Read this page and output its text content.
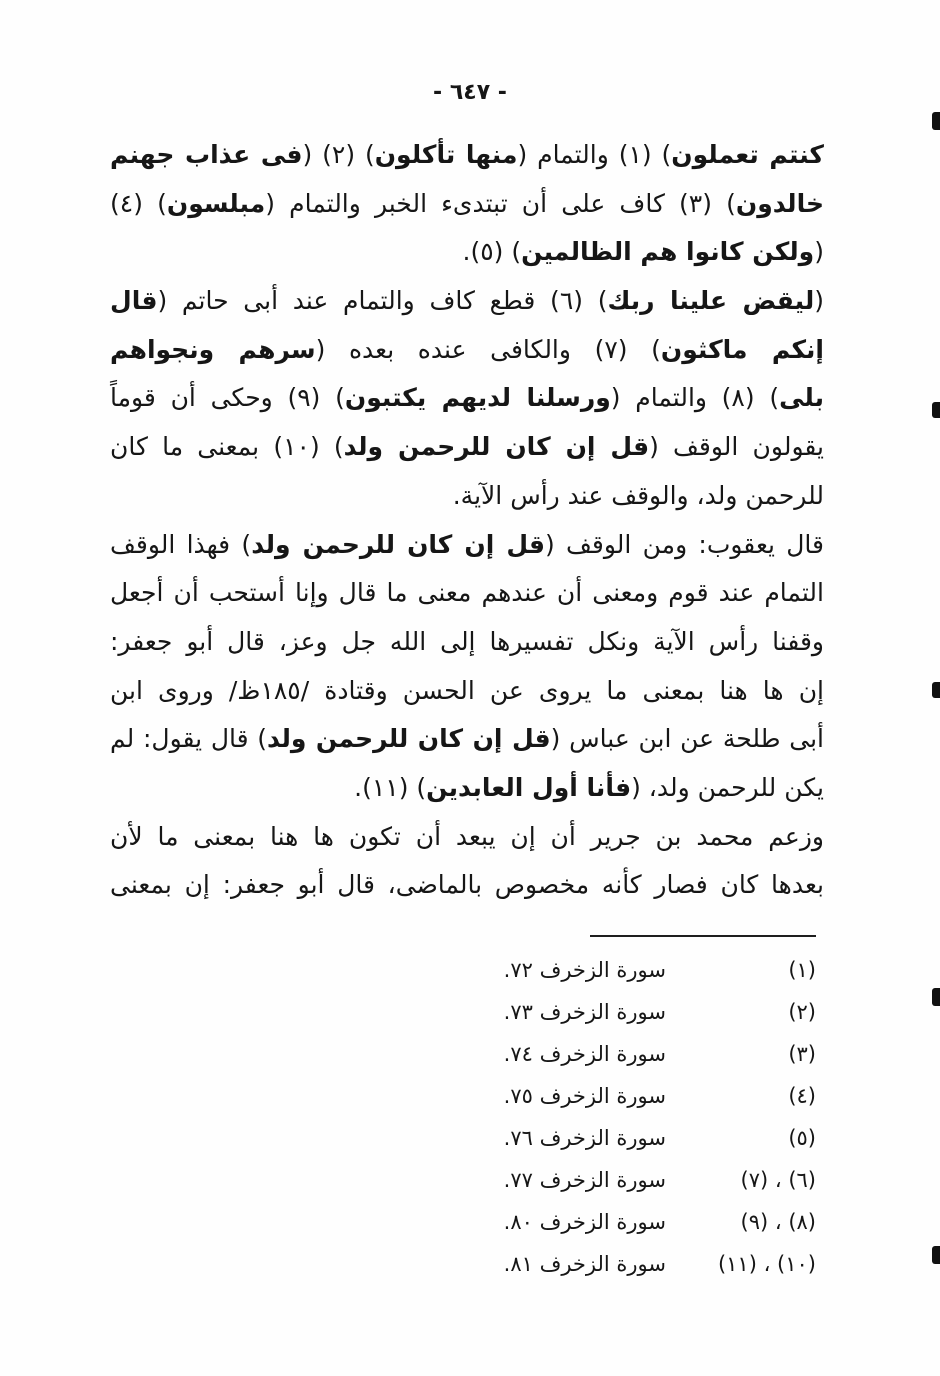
- ٦٤٧ -
كنتم تعملون) (١) والتمام (منها تأكلون) (٢) (فى عذاب جهنم
خالدون) (٣) كاف على أن تبتدىء الخبر والتمام (مبلسون) (٤)
(ولكن كانوا هم الظالمين) (٥).
(ليقض علينا ربك) (٦) قطع كاف والتمام عند أبى حاتم (قال
إنكم ماكثون) (٧) والكافى عنده بعده (سرهم ونجواهم
بلى) (٨) والتمام (ورسلنا لديهم يكتبون) (٩) وحكى أن قوماً
يقولون الوقف (قل إن كان للرحمن ولد) (١٠) بمعنى ما كان
للرحمن ولد، والوقف عند رأس الآية.
قال يعقوب: ومن الوقف (قل إن كان للرحمن ولد) فهذا الوقف
التمام عند قوم ومعنى أن عندهم معنى ما قال وإنا أستحب أن أجعل
وقفنا رأس الآية ونكل تفسيرها إلى الله جل وعز، قال أبو جعفر:
إن ها هنا بمعنى ما يروى عن الحسن وقتادة /١٨٥ظ/ وروى ابن
أبى طلحة عن ابن عباس (قل إن كان للرحمن ولد) قال يقول: لم
يكن للرحمن ولد، (فأنا أول العابدين) (١١).
وزعم محمد بن جرير أن إن يبعد أن تكون ها هنا بمعنى ما لأن
بعدها كان فصار كأنه مخصوص بالماضى، قال أبو جعفر: إن بمعنى
(١)
سورة الزخرف ٧٢.
(٢)
سورة الزخرف ٧٣.
(٣)
سورة الزخرف ٧٤.
(٤)
سورة الزخرف ٧٥.
(٥)
سورة الزخرف ٧٦.
(٦) ، (٧)
سورة الزخرف ٧٧.
(٨) ، (٩)
سورة الزخرف ٨٠.
(١٠) ، (١١)
سورة الزخرف ٨١.
